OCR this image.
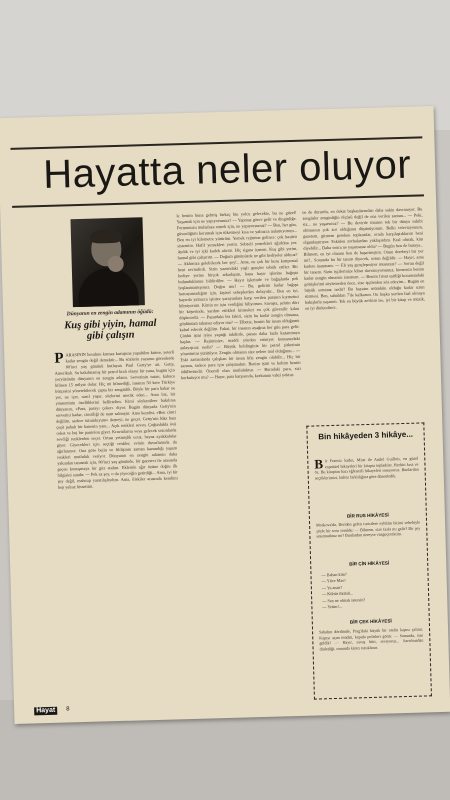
Hayatta neler oluyor
Dünyanın en zengin adamının öğüdü:
Kuş gibi yiyin, hamal gibi çalışın
P ARASININ hesabını kurnaz kuruşuna yapabilen kimse, yeterli kadar zengin değil demektir... Bu sözlerin yazarını görenlerde 80'inci yaş gününü kutlayan Paul Getty'ye ait. Getty, Amerikalı. Su kakılmamış bir petrol kralı olsayı bir yana, bugün için yeryüzünün dünyanın en zengin adamı. Servetinin tutarı, kabaca bilinen 15 milyar dolar. Hiç mi bilmediği, insanın 50 kere Türkiye bütçesini yönetebilecek çapta bir zenginlik. Böyle bir para bakar ne yer, ne içer, nasıl yaşar, sözlerini merak eden... Ama biz, bir yönteminin özelliklerini bellirtelim. Kimi söylentilere bakılırsa dünyanın, «Para, parayı çeker» diyor. Bugün dünyada Getty'nin servetini kadar, cimriliği de nam salmıştır. Ama kendisi, «Ben cimri değilim, sadece tutumluyum» demeyi, ne geçer. Getty'nin lüks bazı çeşit pahalı bir hanenin yanı... Açık renkleri seven. Çoğunlukla övü ceket ve bej bir pantolon giyer. Kravatlarını veya gelecek sezonlarda sevdiği renklerden seçer. Ortası yetmişlik ucuz, beyaz ayakkabılar giyer. Giyecekleri için seçtiği renkler, evinin duvarlarında da ağırlanıyor. Ona göre bejin ve fildişinin zaman kazandığı yaşam renkleri mutluluk veriyor. Dünyanın en zengin adamını daha yakından tanımak için, 80'inci yaş gününde, bir gazeteci ile arasında geçen konuşmaya bir göz atalım. Eklemin ağır özüne doğru ilk bilgisini sundu: — Pek az şey, o da yiyeceğin getirdiği... Ama, iyi bir şey değil, mahcup yaratılışlıydım. Ama, iliskiler arasında kendimi hep yalnız hissettim.
le benim buna gelmiş birkaç bin yolcu gelecekte, bu ne güzel! Yaşamak için ne yapıyorsunuz? — Yapmaz görev gelir ve dinginliğe. Formunuzu muhafaza etmek için, ne yapıyorsunuz? — Ben, her gün, güvenliğimi korumak için tüketmeyi kısa ve yalnızca anlamıyorum... Ben en iyi kilometre yürürüm. Yemek rejimine gelince: çok basittir sistemim. Hafif yemekleri yerim. Sebzeli yemekleri ağırlıkta yer. Aydık ve iyi içki kadeh alırım. Hiç sigara içmem. Kuş gibi yerim, hamal gibi çalışırım. — Doğum gününüzde ne gibi hediyeler aldınız? — Aklımıza gelebilecek her şey!.. Ama, en çok bir kuru kartpostal beni sevindirdi. Sizin yazımdaki yaşlı gençler tebrik ettiler. Bir hediye yerine birçok arkadaşım, bana hayır işlerine bağışta bulunduklarını bildirdiler. — Hayır işlerinde ve bağışlarda pek hoşlanmamışsınız. Doğru mu? — Bu, gelirim kadar bağışa harcayamadığım için, kişisel sebeplerden dolayıdır... Ben en iyi, hayırda yalnızca işinize yarayanlara karşı verilen paranın kıymetini bilmiyorum. Kimin ne için verdiğini biliyorum. Savaşta, şehrin dört bir köşesinde, yardım ettikleri kimseleri en çok güvenilir kılan düşüncedir. — Pazardaki bir fakiri, sizin bu kadar zengin olmanız, gönlünüzü rahatsız ediyor mu? — Elbette, benim bir insan olduğumu kabul edecek değilim. Fakat, bir insanın ayağına her gün para gelir. Çünkü işini iyiye yaptığı takdirde, parası daha fazla kazanmaya başlar. — Rejiminize, maddi yönden emniyet konusundaki anlayışınız nedir? — Büyük holdinginiz bir petrol şirketinin yönetimini yürütüyor. Zengin olmanın size nelere mal olduğunu... — Eski zamanlarda çalışkan bir insan bile zengin olabilir... Hiç bir zaman, sadece para için çalışmadım. Benim işim ve hobim benim ödüllerimdir. Önemli olan mutluluktur. — Buradaki para, sizi korkutuyor mu? — Hayır, para karşısında, korkunun vakti yoktur.
ne de dururdu, en dekat başkanlarından daha sakin davranıyor. Bu zenginler zenginliğin ölçüsü değil de ona verilen zaman... — Peki, siz... ne yaşarsınız? — Bu devirde insanın tek bir dünya sahibi olmasının çok zor olduğunu düşünüyorum. Belki televizyonum, gazetem, gitmem gereken toplantılar, orada karşılaştıklarım beni olgunlaştırıyor. Eskiden zorbalardan yaklaşırdım. Kral olmak, kim diyebilir... Daha sonra ne yaşarsanız oldu? — Bugün ben de buraya... Bilmem, en iyi olanını ben de başarmıştım. Onun derebeyi bir yer mi?.. Sonunda bu bir tanım diyecek, sorun değildir. — Hayır, ama kadere inanmam. — Eli yaş gençleşmiyor musunuz? — Sorun değil bir tanem. Sizin işçilerinize kibar davranıyorsunuz, kimsenin benim kadar zengin olmasını istemem. — Benim fırsat eşitliği konusundaki görüşlerimi söylemeden önce, size işçilerden söz edeyim... Bugün en büyük sorunuz nedir? Bu hayatın mümkün olduğu kadar uzun sürmesi. Ben, sabahları 7'de kalkarım. On başka yerden faal olmaya bakışlarla yaşarım. Tek en büyük zevkim ise, iyi bir kitap ve müzik, en iyi dinlendirici.
Bin hikâyeden 3 hikâye...
B ir Fransız kadın, Mine ile André Guillois, en güzel espritüel hikayeleri bir kitapta topladılar. Herbiri kısa ve öz. Bu kitaptan bazı eğlenceli hikayeleri sunuyoruz. Bunlardan seçtiklerimizi, kültür farklılığına göre düzenledik.
BİR RUS HİKÂYESİ
Moskova'da, Beriden gelen turistlere eylülün bitimi sebebiyle şöyle bir soru soruldu: — Bilmem, size fazla mı gelir? Bir şey unutmadınız mı? Bunlardan nereyse vazgeçecektim.
BİR ÇİN HİKÂYESİ
— Baban kim?
— Yüce Mao!
— Ya anan?
— Kültür ihtilali...
— Sen ne olmak istersin?
— Yetim!...
BİR ÇEK HİKÂYESİ
Sabahın dördünde, Prag'daki büyük bir otelin kapısı çalınır. Kapıyı açan müdür, kapıda polisleri görür. — Sonunda, size geldik! — Hayır, savaş bitti, seviyoruz... Sarsılmadan dinlediği, sonunda kiracı tutuklanır.
Hayat	8
